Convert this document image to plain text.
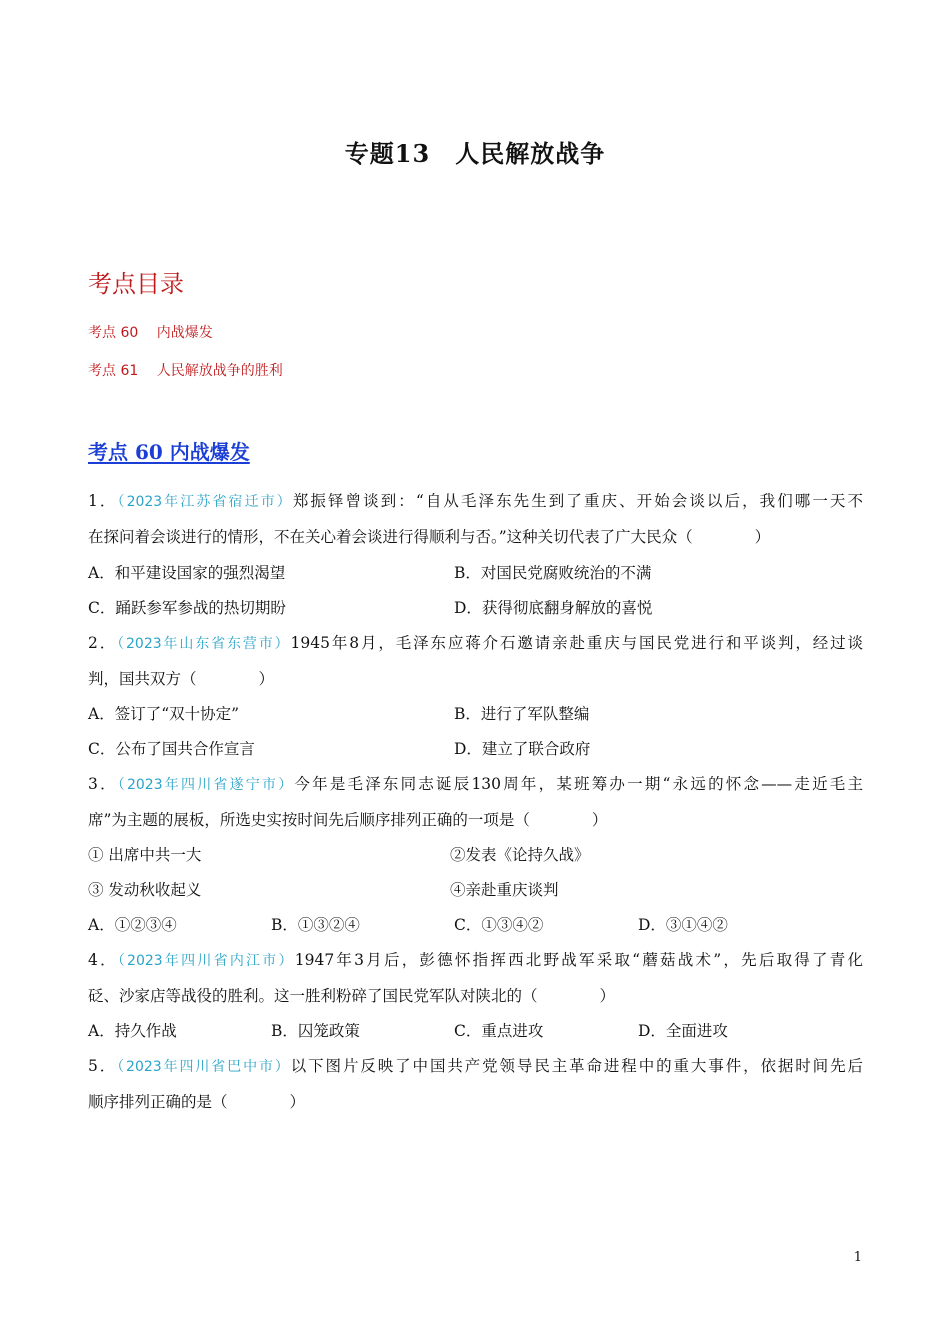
专题13　人民解放战争
考点目录
考点 60　 内战爆发
考点 61　 人民解放战争的胜利
考点 60 内战爆发
1．（2023年江苏省宿迁市）郑振铎曾谈到：“自从毛泽东先生到了重庆、开始会谈以后，我们哪一天不
在探问着会谈进行的情形，不在关心着会谈进行得顺利与否。”这种关切代表了广大民众（　　　　）
A．和平建设国家的强烈渴望	B．对国民党腐败统治的不满
C．踊跃参军参战的热切期盼	D．获得彻底翻身解放的喜悦
2．（2023年山东省东营市）1945年8月，毛泽东应蒋介石邀请亲赴重庆与国民党进行和平谈判，经过谈
判，国共双方（　　　　）
A．签订了“双十协定”	B．进行了军队整编
C．公布了国共合作宣言	D．建立了联合政府
3．（2023年四川省遂宁市）今年是毛泽东同志诞辰130周年，某班筹办一期“永远的怀念——走近毛主
席”为主题的展板，所选史实按时间先后顺序排列正确的一项是（　　　　）
① 出席中共一大	②发表《论持久战》
③ 发动秋收起义	④亲赴重庆谈判
A．①②③④	B．①③②④	C．①③④②	D．③①④②
4．（2023年四川省内江市）1947年3月后，彭德怀指挥西北野战军采取“蘑菇战术”，先后取得了青化
砭、沙家店等战役的胜利。这一胜利粉碎了国民党军队对陕北的（　　　　）
A．持久作战	B．囚笼政策	C．重点进攻	D．全面进攻
5．（2023年四川省巴中市）以下图片反映了中国共产党领导民主革命进程中的重大事件，依据时间先后
顺序排列正确的是（　　　　）
1
